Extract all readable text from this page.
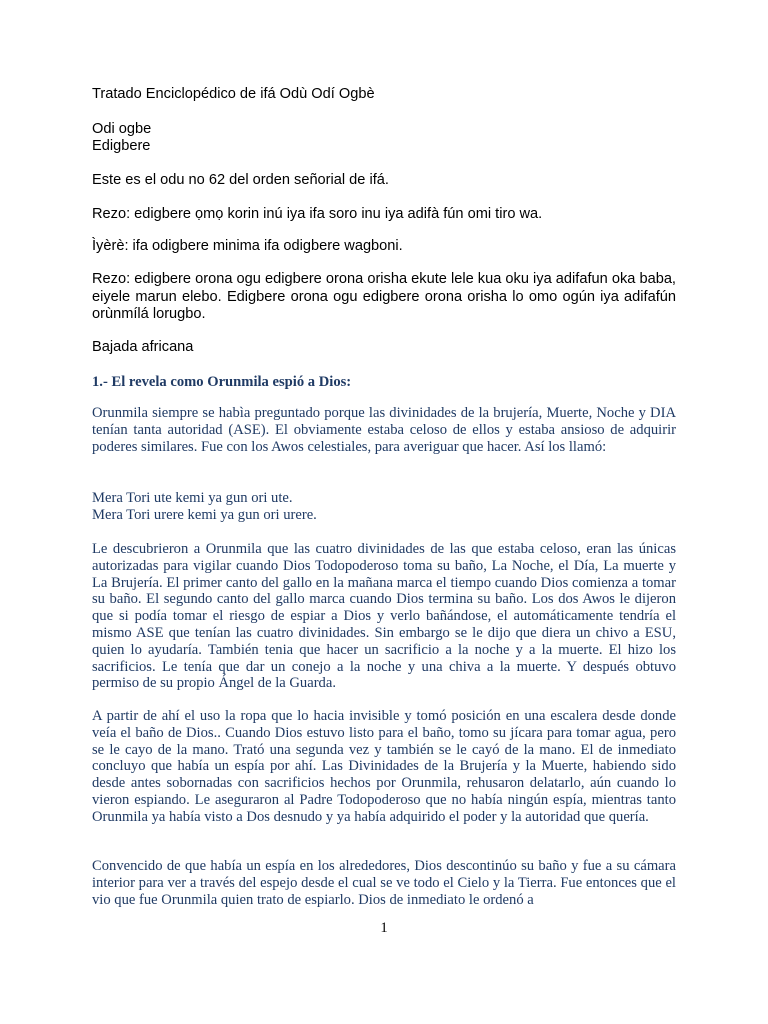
Tratado Enciclopédico de ifá Odù Odí Ogbè

Odi ogbe

Edigbere

Este es el odu no 62 del orden señorial de ifá.

Rezo: edigbere ọmọ korin inú iya ifa soro inu iya adifà fún omi tiro wa.

Ìyèrè: ifa odigbere minima ifa odigbere wagboni.

Rezo: edigbere orona ogu edigbere orona orisha ekute lele kua oku iya adifafun oka baba, eiyele marun elebo. Edigbere orona ogu edigbere orona orisha lo omo ogún iya adifafún orùnmílá lorugbo.

Bajada africana

1.- El revela como Orunmila espió a Dios:

Orunmila siempre se habìa preguntado porque las divinidades de la brujería, Muerte, Noche y DIA tenían tanta autoridad (ASE). El obviamente estaba celoso de ellos y estaba ansioso de adquirir poderes similares. Fue con los Awos celestiales, para averiguar que hacer. Así los llamó:

Mera Tori ute kemi ya gun ori ute.
Mera Tori urere kemi ya gun ori urere.

Le descubrieron a Orunmila que las cuatro divinidades de las que estaba celoso, eran las únicas autorizadas para vigilar cuando Dios Todopoderoso toma su baño, La Noche, el Día, La muerte y La Brujería. El primer canto del gallo en la mañana marca el tiempo cuando Dios comienza a tomar su baño. El segundo canto del gallo marca cuando Dios termina su baño. Los dos Awos le dijeron que si podía tomar el riesgo de espiar a Dios y verlo bañándose, el automáticamente tendría el mismo ASE que tenían las cuatro divinidades. Sin embargo se le dijo que diera un chivo a ESU, quien lo ayudaría. También tenia que hacer un sacrificio a la noche y a la muerte. El hizo los sacrificios. Le tenía que dar un conejo a la noche y una chiva a la muerte. Y después obtuvo permiso de su propio Ángel de la Guarda.

A partir de ahí el uso la ropa que lo hacia invisible y tomó posición en una escalera desde donde veía el baño de Dios.. Cuando Dios estuvo listo para el baño, tomo su jícara para tomar agua, pero se le cayo de la mano. Trató una segunda vez y también se le cayó de la mano. El de inmediato concluyo que había un espía por ahí. Las Divinidades de la Brujería y la Muerte, habiendo sido desde antes sobornadas con sacrificios hechos por Orunmila, rehusaron delatarlo, aún cuando lo vieron espiando. Le aseguraron al Padre Todopoderoso que no había ningún espía, mientras tanto Orunmila ya había visto a Dos desnudo y ya había adquirido el poder y la autoridad que quería.

Convencido de que había un espía en los alrededores, Dios descontinúo su baño y fue a su cámara interior para ver a través del espejo desde el cual se ve todo el Cielo y la Tierra. Fue entonces que el vio que fue Orunmila quien trato de espiarlo. Dios de inmediato le ordenó a

1
